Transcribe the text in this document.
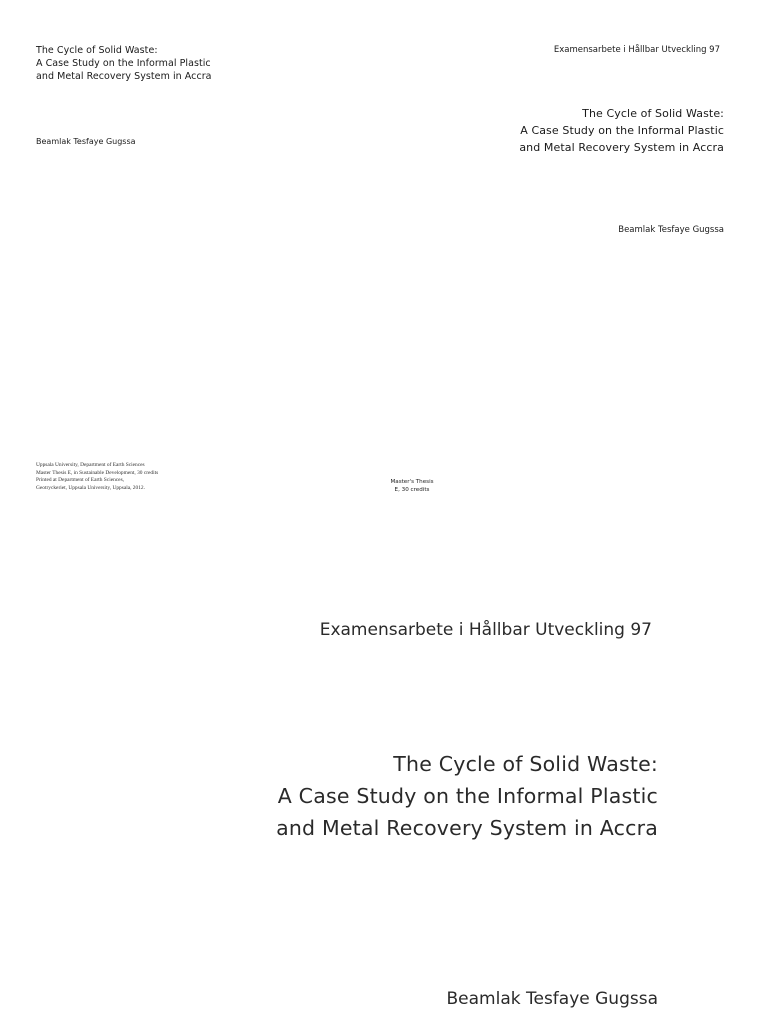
The Cycle of Solid Waste:
A Case Study on the Informal Plastic
and Metal Recovery System in Accra
Beamlak Tesfaye Gugssa
Examensarbete i Hållbar Utveckling 97
The Cycle of Solid Waste:
A Case Study on the Informal Plastic
and Metal Recovery System in Accra
Beamlak Tesfaye Gugssa
Uppsala University, Department of Earth Sciences
Master Thesis E, in Sustainable Development, 30 credits
Printed at Department of Earth Sciences,
Geotryckeriet, Uppsala University, Uppsala, 2012.
Master's Thesis
E, 30 credits
Examensarbete i Hållbar Utveckling 97
The Cycle of Solid Waste:
A Case Study on the Informal Plastic
and Metal Recovery System in Accra
Beamlak Tesfaye Gugssa
